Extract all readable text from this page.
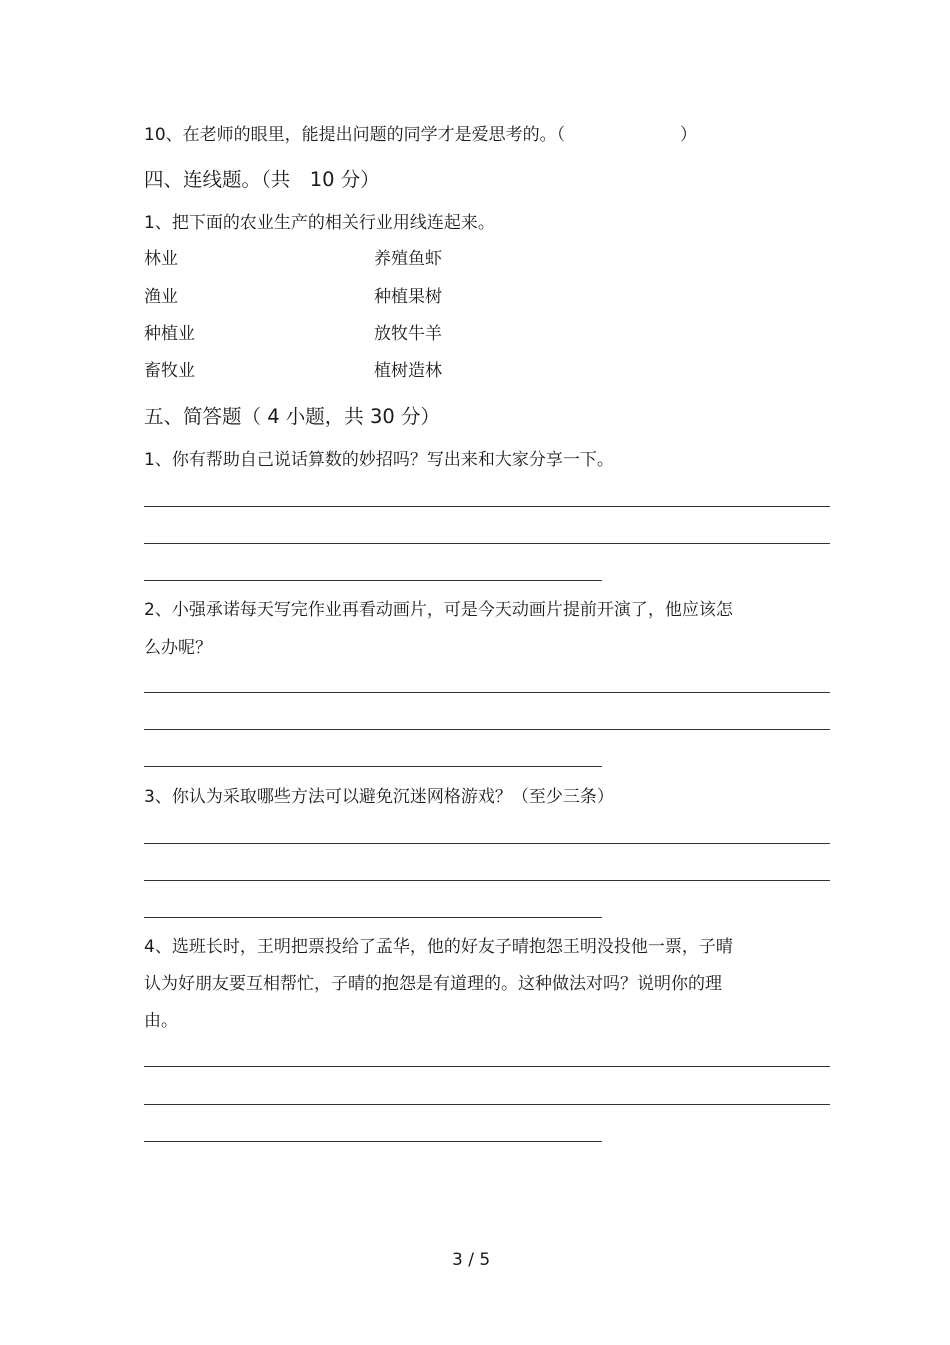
10、在老师的眼里，能提出问题的同学才是爱思考的。（	）
四、连线题。（共　10 分）
1、把下面的农业生产的相关行业用线连起来。
林业
渔业
种植业
畜牧业
养殖鱼虾
种植果树
放牧牛羊
植树造林
五、简答题（ 4 小题，共 30 分）
1、你有帮助自己说话算数的妙招吗？写出来和大家分享一下。
2、小强承诺每天写完作业再看动画片，可是今天动画片提前开演了，他应该怎
么办呢？
3、你认为采取哪些方法可以避免沉迷网格游戏？（至少三条）
4、选班长时，王明把票投给了孟华，他的好友子晴抱怨王明没投他一票，子晴
认为好朋友要互相帮忙，子晴的抱怨是有道理的。这种做法对吗？说明你的理
由。
3 / 5
